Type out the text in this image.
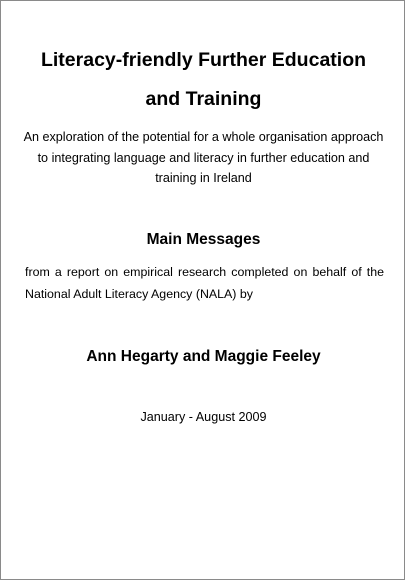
Literacy-friendly Further Education
and Training
An exploration of the potential for a whole organisation approach
to integrating language and literacy in further education and
training in Ireland
Main Messages
from a report on empirical research completed on behalf of the
National Adult Literacy Agency (NALA) by
Ann Hegarty and Maggie Feeley
January - August 2009
